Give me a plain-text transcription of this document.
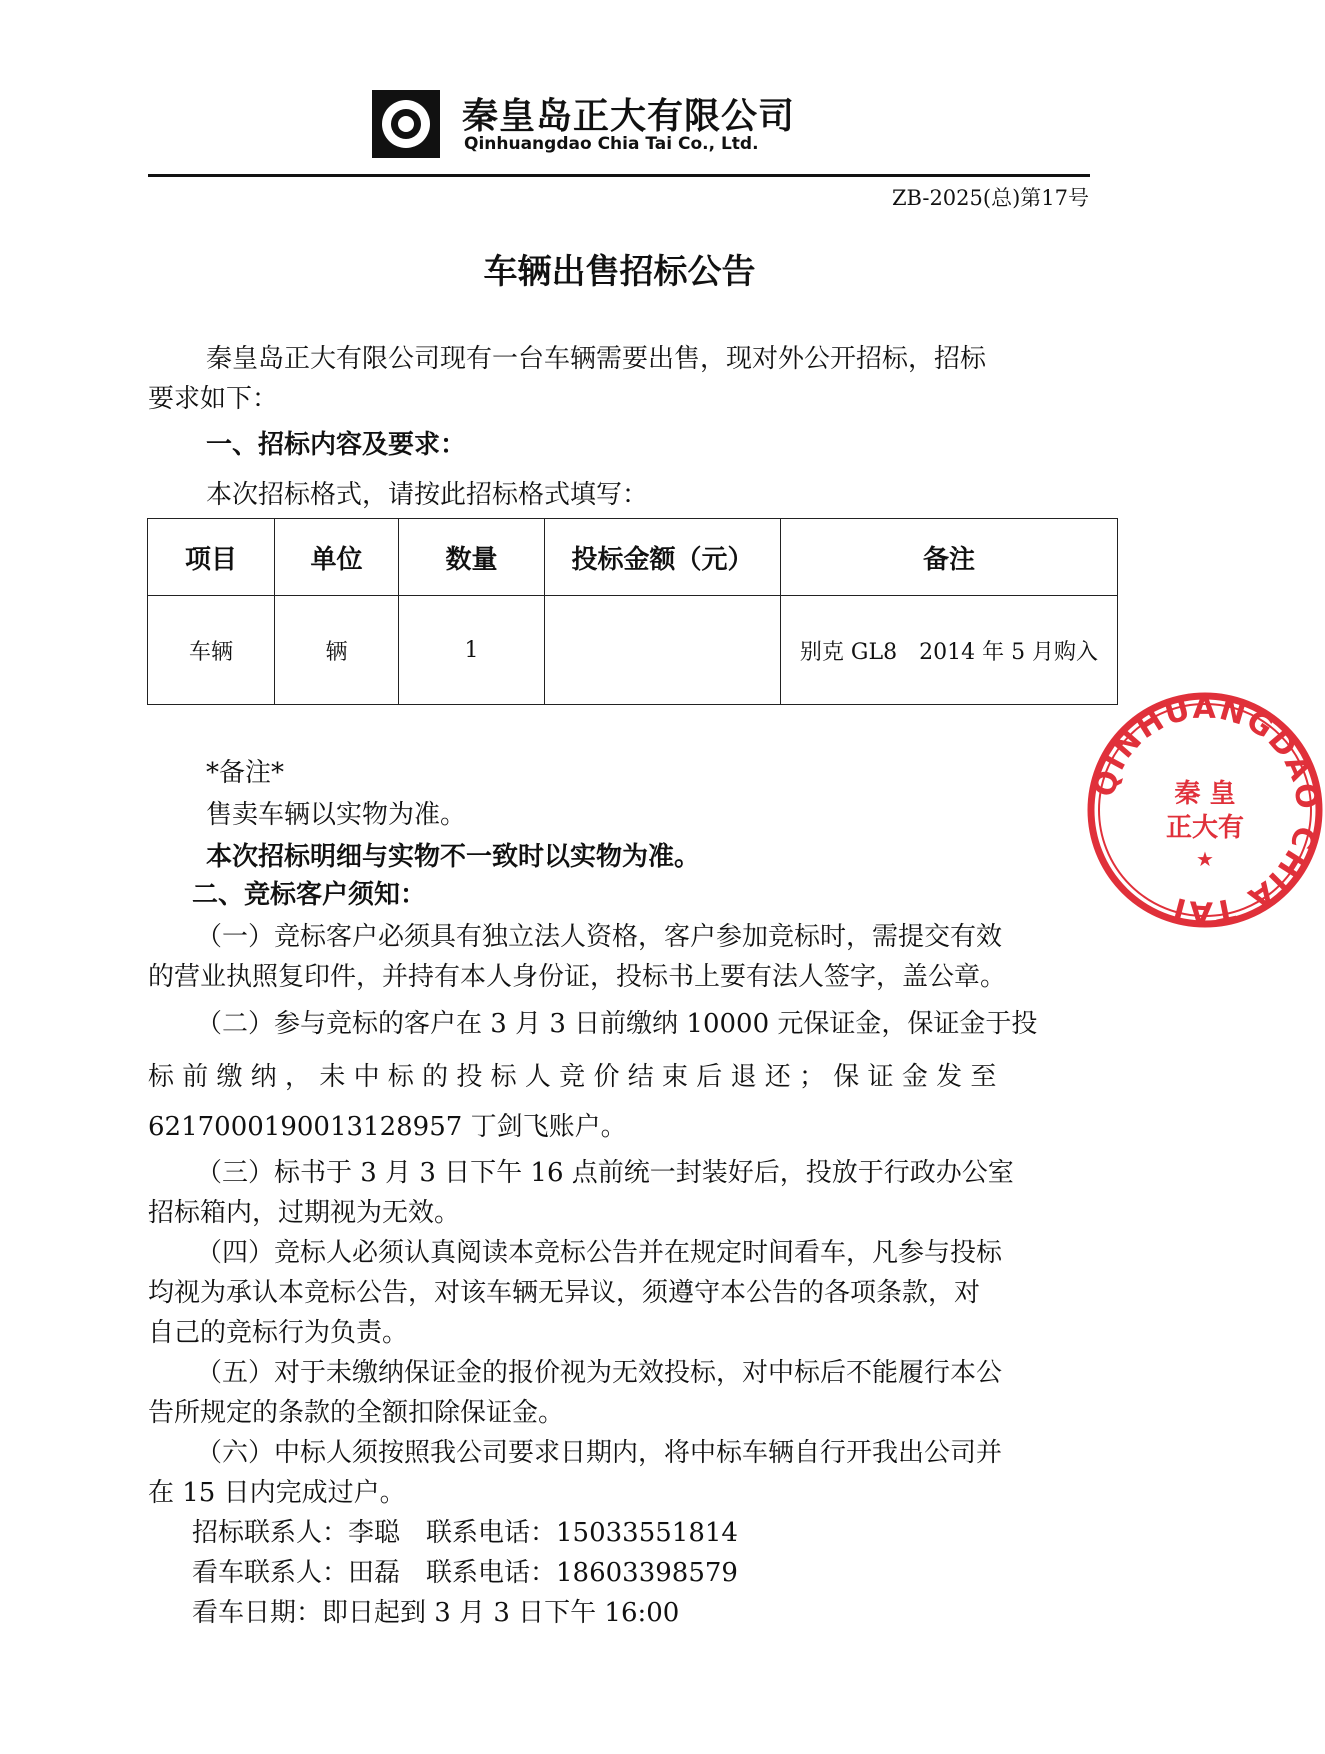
秦皇岛正大有限公司
Qinhuangdao Chia Tai Co., Ltd.
ZB-2025(总)第17号
车辆出售招标公告
秦皇岛正大有限公司现有一台车辆需要出售，现对外公开招标，招标
要求如下：
一、招标内容及要求：
本次招标格式，请按此招标格式填写：
项目	单位	数量	投标金额（元）	备注
车辆	辆	1		别克 GL8　2014 年 5 月购入
*备注*
售卖车辆以实物为准。
本次招标明细与实物不一致时以实物为准。
二、竞标客户须知：
（一）竞标客户必须具有独立法人资格，客户参加竞标时，需提交有效
的营业执照复印件，并持有本人身份证，投标书上要有法人签字，盖公章。
（二）参与竞标的客户在 3 月 3 日前缴纳 10000 元保证金，保证金于投
标 前 缴 纳 ， 未 中 标 的 投 标 人 竞 价 结 束 后 退 还 ； 保 证 金 发 至
6217000190013128957 丁剑飞账户。
（三）标书于 3 月 3 日下午 16 点前统一封装好后，投放于行政办公室
招标箱内，过期视为无效。
（四）竞标人必须认真阅读本竞标公告并在规定时间看车，凡参与投标
均视为承认本竞标公告，对该车辆无异议，须遵守本公告的各项条款，对
自己的竞标行为负责。
（五）对于未缴纳保证金的报价视为无效投标，对中标后不能履行本公
告所规定的条款的全额扣除保证金。
（六）中标人须按照我公司要求日期内，将中标车辆自行开我出公司并
在 15 日内完成过户。
招标联系人：李聪　联系电话：15033551814
看车联系人：田磊　联系电话：18603398579
看车日期：即日起到 3 月 3 日下午 16:00
QINHUANGDAO CHIA TAI
秦 皇
正大有
★
